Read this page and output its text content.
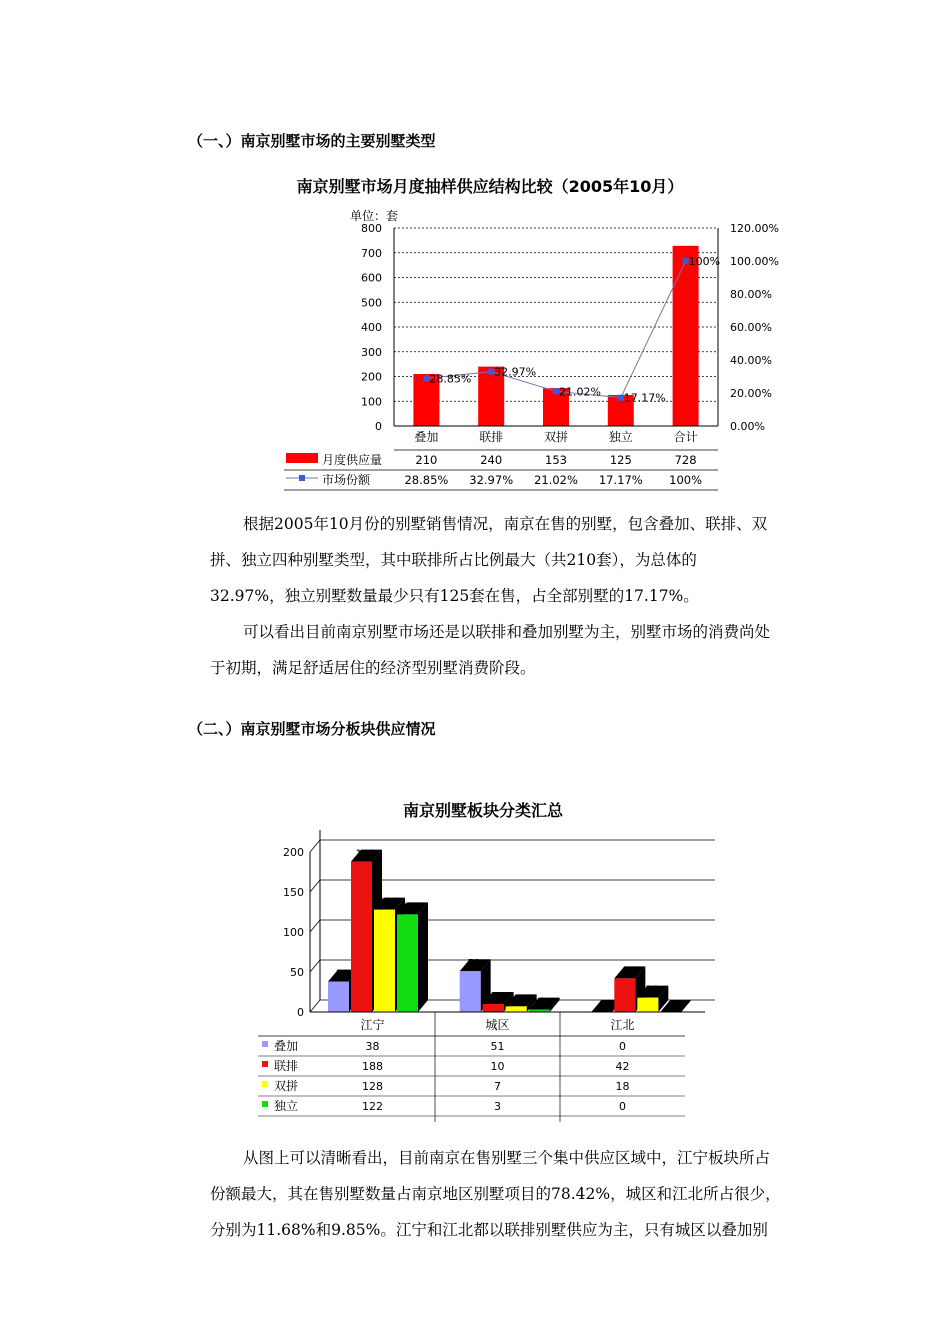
（一、）南京别墅市场的主要别墅类型
南京别墅市场月度抽样供应结构比较（2005年10月）
单位：套
0
100
200
300
400
500
600
700
800
0.00%
20.00%
40.00%
60.00%
80.00%
100.00%
120.00%
叠加	联排	双拼	独立	合计
28.85%
32.97%
21.02% 17.17%
100%
月度供应量	210	240	153	125	728
市场份额	28.85% 32.97% 21.02% 17.17% 100%

根据2005年10月份的别墅销售情况，南京在售的别墅，包含叠加、联排、双
拼、独立四种别墅类型，其中联排所占比例最大（共210套），为总体的
32.97%，独立别墅数量最少只有125套在售，占全部别墅的17.17%。

可以看出目前南京别墅市场还是以联排和叠加别墅为主，别墅市场的消费尚处
于初期，满足舒适居住的经济型别墅消费阶段。

（二、）南京别墅市场分板块供应情况
南京别墅板块分类汇总
0
50
100
150
200
38
188
128 122
51
10 7 3	0
42
18
0
江宁	城区	江北
叠加	38	51	0
联排	188	10	42
双拼	128	7	18
独立	122	3	0

从图上可以清晰看出，目前南京在售别墅三个集中供应区域中，江宁板块所占
份额最大，其在售别墅数量占南京地区别墅项目的78.42%，城区和江北所占很少，
分别为11.68%和9.85%。江宁和江北都以联排别墅供应为主，只有城区以叠加别
